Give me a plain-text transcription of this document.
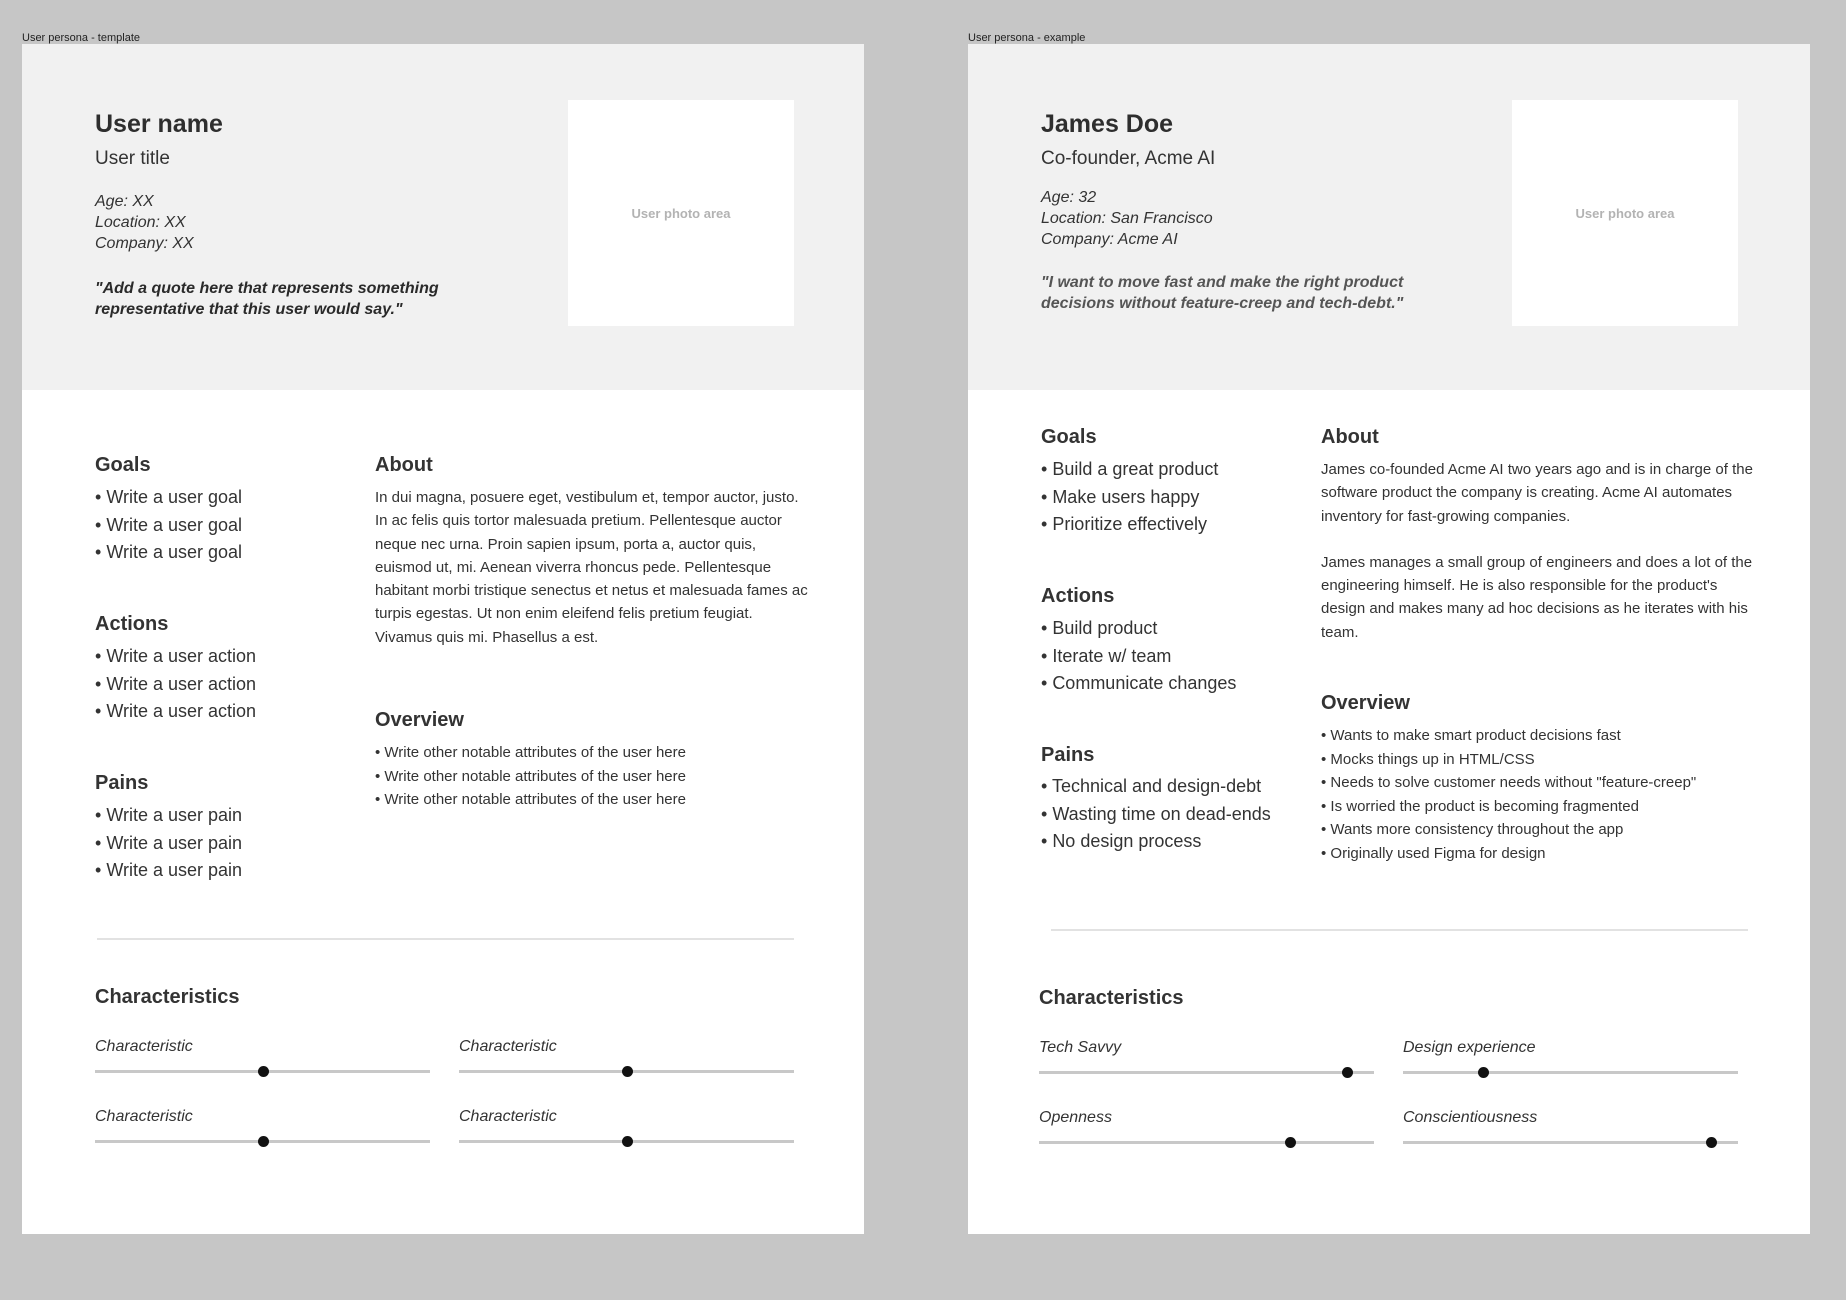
User persona - template
User name
User title
Age: XX
Location: XX
Company: XX
"Add a quote here that represents something representative that this user would say."
User photo area
Goals
• Write a user goal
• Write a user goal
• Write a user goal
Actions
• Write a user action
• Write a user action
• Write a user action
Pains
• Write a user pain
• Write a user pain
• Write a user pain
About

In dui magna, posuere eget, vestibulum et, tempor auctor, justo. In ac felis quis tortor malesuada pretium. Pellentesque auctor neque nec urna. Proin sapien ipsum, porta a, auctor quis, euismod ut, mi. Aenean viverra rhoncus pede. Pellentesque habitant morbi tristique senectus et netus et malesuada fames ac turpis egestas. Ut non enim eleifend felis pretium feugiat. Vivamus quis mi. Phasellus a est.

Overview
• Write other notable attributes of the user here
• Write other notable attributes of the user here
• Write other notable attributes of the user here
Characteristics
Characteristic	Characteristic
Characteristic	Characteristic
User persona - example
James Doe
Co-founder, Acme AI
Age: 32
Location: San Francisco
Company: Acme AI
"I want to move fast and make the right product decisions without feature-creep and tech-debt."
User photo area
Goals
• Build a great product
• Make users happy
• Prioritize effectively
Actions
• Build product
• Iterate w/ team
• Communicate changes
Pains
• Technical and design-debt
• Wasting time on dead-ends
• No design process
About

James co-founded Acme AI two years ago and is in charge of the software product the company is creating. Acme AI automates inventory for fast-growing companies.

James manages a small group of engineers and does a lot of the engineering himself. He is also responsible for the product's design and makes many ad hoc decisions as he iterates with his team.

Overview
• Wants to make smart product decisions fast
• Mocks things up in HTML/CSS
• Needs to solve customer needs without "feature-creep"
• Is worried the product is becoming fragmented
• Wants more consistency throughout the app
• Originally used Figma for design
Characteristics
Tech Savvy	Design experience
Openness	Conscientiousness
